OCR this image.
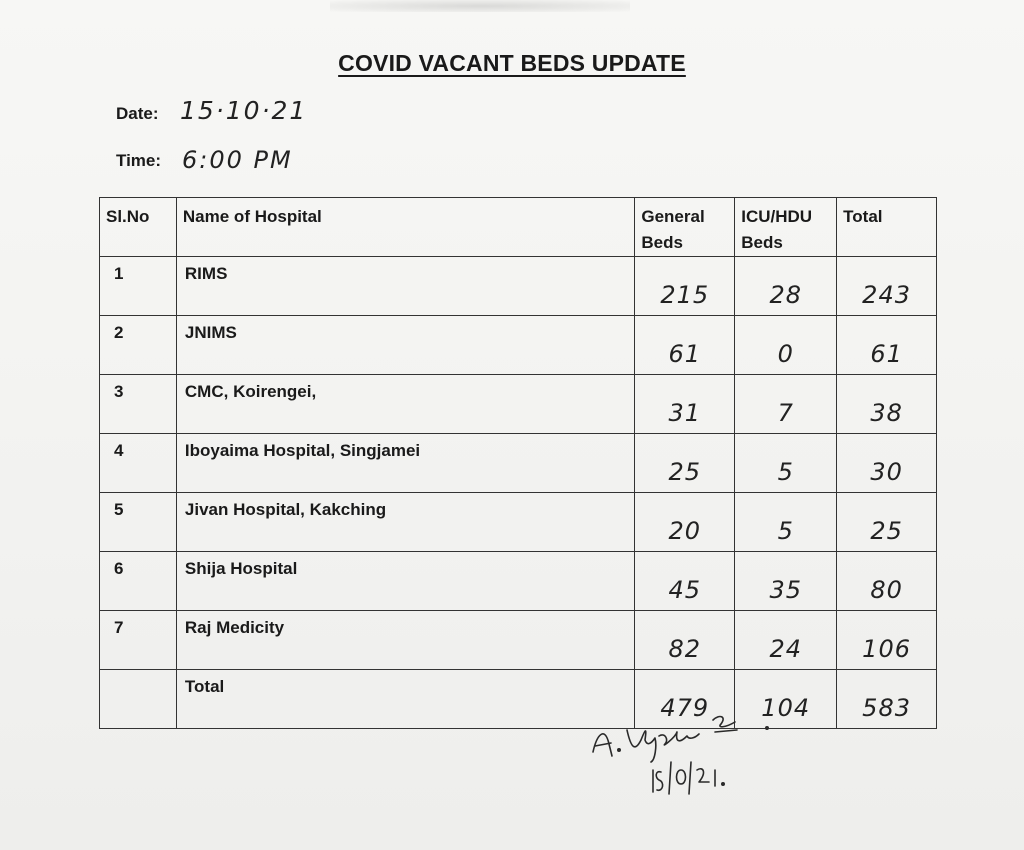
COVID VACANT BEDS UPDATE
Date: 15·10·21
Time: 6:00 PM
Sl.No	Name of Hospital	General Beds	ICU/HDU Beds	Total
1	RIMS	215	28	243
2	JNIMS	61	0	61
3	CMC, Koirengei,	31	7	38
4	Iboyaima Hospital, Singjamei	25	5	30
5	Jivan Hospital, Kakching	20	5	25
6	Shija Hospital	45	35	80
7	Raj Medicity	82	24	106
	Total	479	104	583
